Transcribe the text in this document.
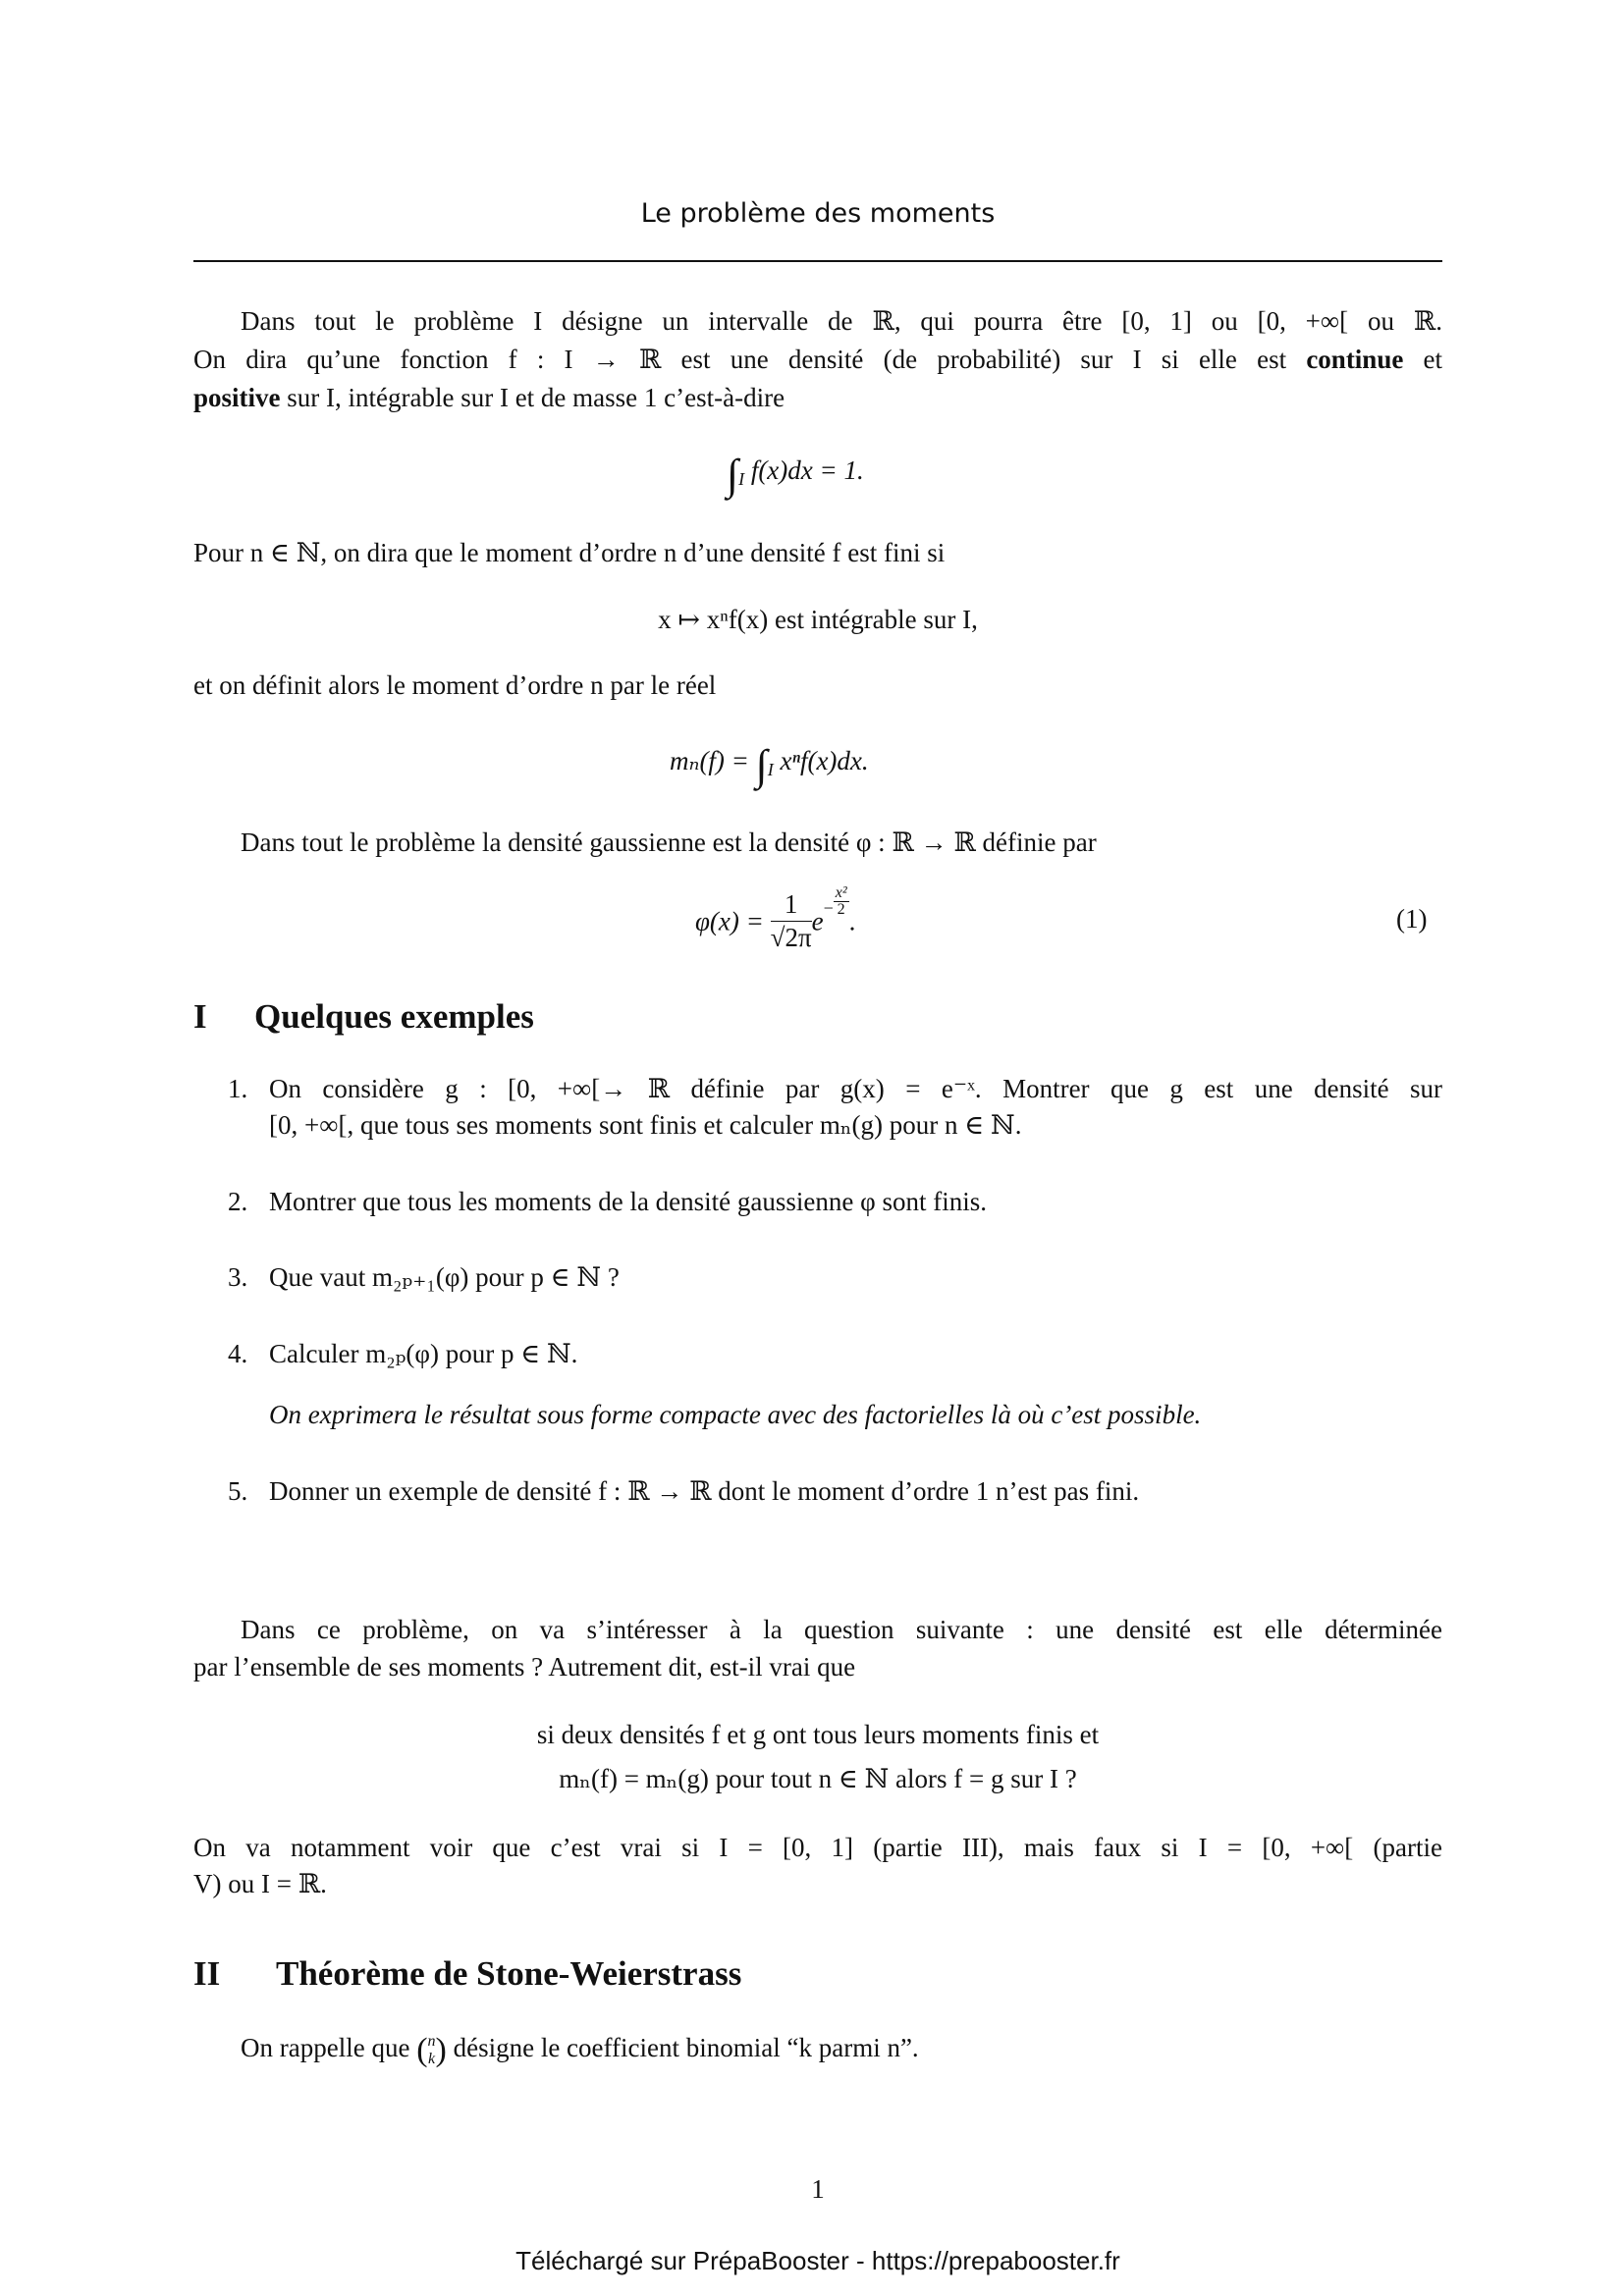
Le problème des moments
Dans tout le problème I désigne un intervalle de ℝ, qui pourra être [0, 1] ou [0, +∞[ ou ℝ.
On dira qu’une fonction f : I → ℝ est une densité (de probabilité) sur I si elle est continue et
positive sur I, intégrable sur I et de masse 1 c’est-à-dire
$\int_I$ f(x)dx = 1.
Pour n ∈ ℕ, on dira que le moment d’ordre n d’une densité f est fini si
x ↦ xⁿf(x) est intégrable sur I,
et on définit alors le moment d’ordre n par le réel
$m_n(f) = \int_I$ xⁿf(x)dx.
Dans tout le problème la densité gaussienne est la densité φ : ℝ → ℝ définie par
$\varphi(x) = \frac{1}{√2\pi} e^- \frac{\text{x²}}{2}$
.	(1)
I Quelques exemples
1. On considère g : [0, +∞[→ ℝ définie par g(x) = e⁻ˣ. Montrer que g est une densité sur
[0, +∞[, que tous ses moments sont finis et calculer mₙ(g) pour n ∈ ℕ.
2. Montrer que tous les moments de la densité gaussienne φ sont finis.
3. Que vaut m₂ₚ₊₁(φ) pour p ∈ ℕ ?
4. Calculer m₂ₚ(φ) pour p ∈ ℕ.
On exprimera le résultat sous forme compacte avec des factorielles là où c’est possible.
5. Donner un exemple de densité f : ℝ → ℝ dont le moment d’ordre 1 n’est pas fini.
Dans ce problème, on va s’intéresser à la question suivante : une densité est elle déterminée
par l’ensemble de ses moments ? Autrement dit, est-il vrai que
si deux densités f et g ont tous leurs moments finis et
mₙ(f) = mₙ(g) pour tout n ∈ ℕ alors f = g sur I ?
On va notamment voir que c’est vrai si I = [0, 1] (partie III), mais faux si I = [0, +∞[ (partie
V) ou I = ℝ.
II Théorème de Stone-Weierstrass
On rappelle que ( n
k ) désigne le coefficient binomial “k parmi n”.
1
Téléchargé sur PrépaBooster - https://prepabooster.fr
